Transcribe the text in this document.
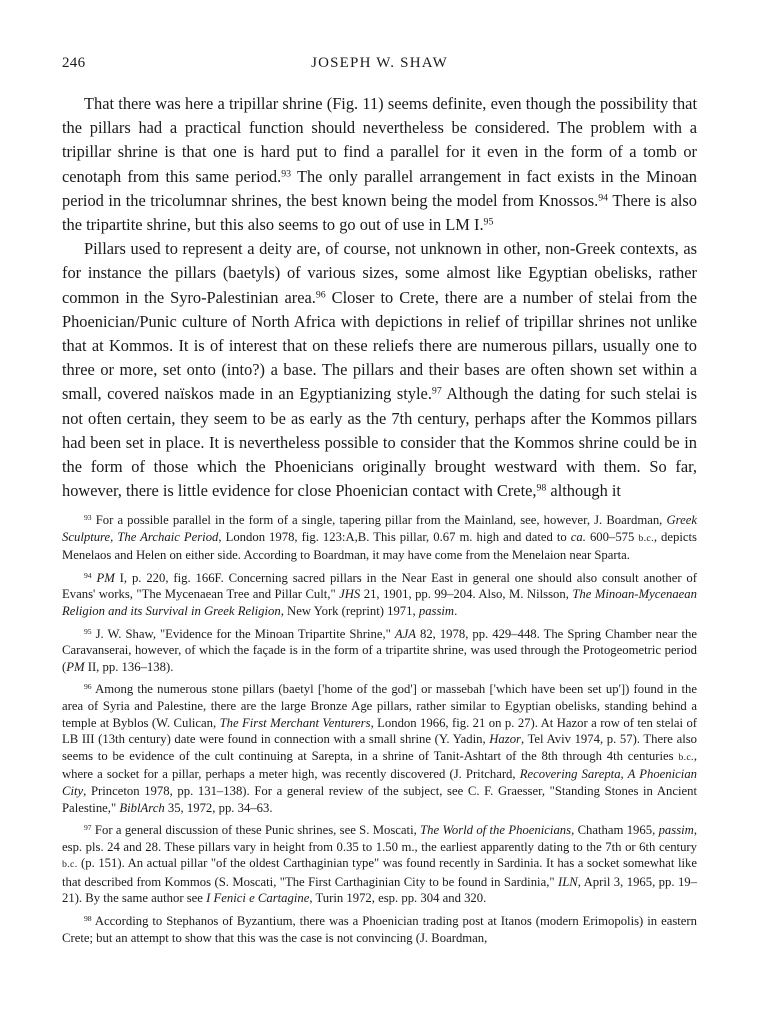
246	JOSEPH W. SHAW

That there was here a tripillar shrine (Fig. 11) seems definite, even though the possibility that the pillars had a practical function should nevertheless be considered. The problem with a tripillar shrine is that one is hard put to find a parallel for it even in the form of a tomb or cenotaph from this same period.$^{93}$ The only parallel arrangement in fact exists in the Minoan period in the tricolumnar shrines, the best known being the model from Knossos.$^{94}$ There is also the tripartite shrine, but this also seems to go out of use in LM I.$^{95}$

Pillars used to represent a deity are, of course, not unknown in other, non-Greek contexts, as for instance the pillars (baetyls) of various sizes, some almost like Egyptian obelisks, rather common in the Syro-Palestinian area.$^{96}$ Closer to Crete, there are a number of stelai from the Phoenician/Punic culture of North Africa with depictions in relief of tripillar shrines not unlike that at Kommos. It is of interest that on these reliefs there are numerous pillars, usually one to three or more, set onto (into?) a base. The pillars and their bases are often shown set within a small, covered naïskos made in an Egyptianizing style.$^{97}$ Although the dating for such stelai is not often certain, they seem to be as early as the 7th century, perhaps after the Kommos pillars had been set in place. It is nevertheless possible to consider that the Kommos shrine could be in the form of those which the Phoenicians originally brought westward with them. So far, however, there is little evidence for close Phoenician contact with Crete,$^{98}$ although it

$^{93}$ For a possible parallel in the form of a single, tapering pillar from the Mainland, see, however, J. Boardman, Greek Sculpture, The Archaic Period, London 1978, fig. 123:A,B. This pillar, 0.67 m. high and dated to ca. 600–575 b.c., depicts Menelaos and Helen on either side. According to Boardman, it may have come from the Menelaion near Sparta.

$^{94}$ PM I, p. 220, fig. 166F. Concerning sacred pillars in the Near East in general one should also consult another of Evans' works, "The Mycenaean Tree and Pillar Cult," JHS 21, 1901, pp. 99–204. Also, M. Nilsson, The Minoan-Mycenaean Religion and its Survival in Greek Religion, New York (reprint) 1971, passim.

$^{95}$ J. W. Shaw, "Evidence for the Minoan Tripartite Shrine," AJA 82, 1978, pp. 429–448. The Spring Chamber near the Caravanserai, however, of which the façade is in the form of a tripartite shrine, was used through the Protogeometric period (PM II, pp. 136–138).

$^{96}$ Among the numerous stone pillars (baetyl ['home of the god'] or massebah ['which have been set up']) found in the area of Syria and Palestine, there are the large Bronze Age pillars, rather similar to Egyptian obelisks, standing behind a temple at Byblos (W. Culican, The First Merchant Venturers, London 1966, fig. 21 on p. 27). At Hazor a row of ten stelai of LB III (13th century) date were found in connection with a small shrine (Y. Yadin, Hazor, Tel Aviv 1974, p. 57). There also seems to be evidence of the cult continuing at Sarepta, in a shrine of Tanit-Ashtart of the 8th through 4th centuries b.c., where a socket for a pillar, perhaps a meter high, was recently discovered (J. Pritchard, Recovering Sarepta, A Phoenician City, Princeton 1978, pp. 131–138). For a general review of the subject, see C. F. Graesser, "Standing Stones in Ancient Palestine," BiblArch 35, 1972, pp. 34–63.

$^{97}$ For a general discussion of these Punic shrines, see S. Moscati, The World of the Phoenicians, Chatham 1965, passim, esp. pls. 24 and 28. These pillars vary in height from 0.35 to 1.50 m., the earliest apparently dating to the 7th or 6th century b.c. (p. 151). An actual pillar "of the oldest Carthaginian type" was found recently in Sardinia. It has a socket somewhat like that described from Kommos (S. Moscati, "The First Carthaginian City to be found in Sardinia," ILN, April 3, 1965, pp. 19–21). By the same author see I Fenici e Cartagine, Turin 1972, esp. pp. 304 and 320.

$^{98}$ According to Stephanos of Byzantium, there was a Phoenician trading post at Itanos (modern Erimopolis) in eastern Crete; but an attempt to show that this was the case is not convincing (J. Boardman,
